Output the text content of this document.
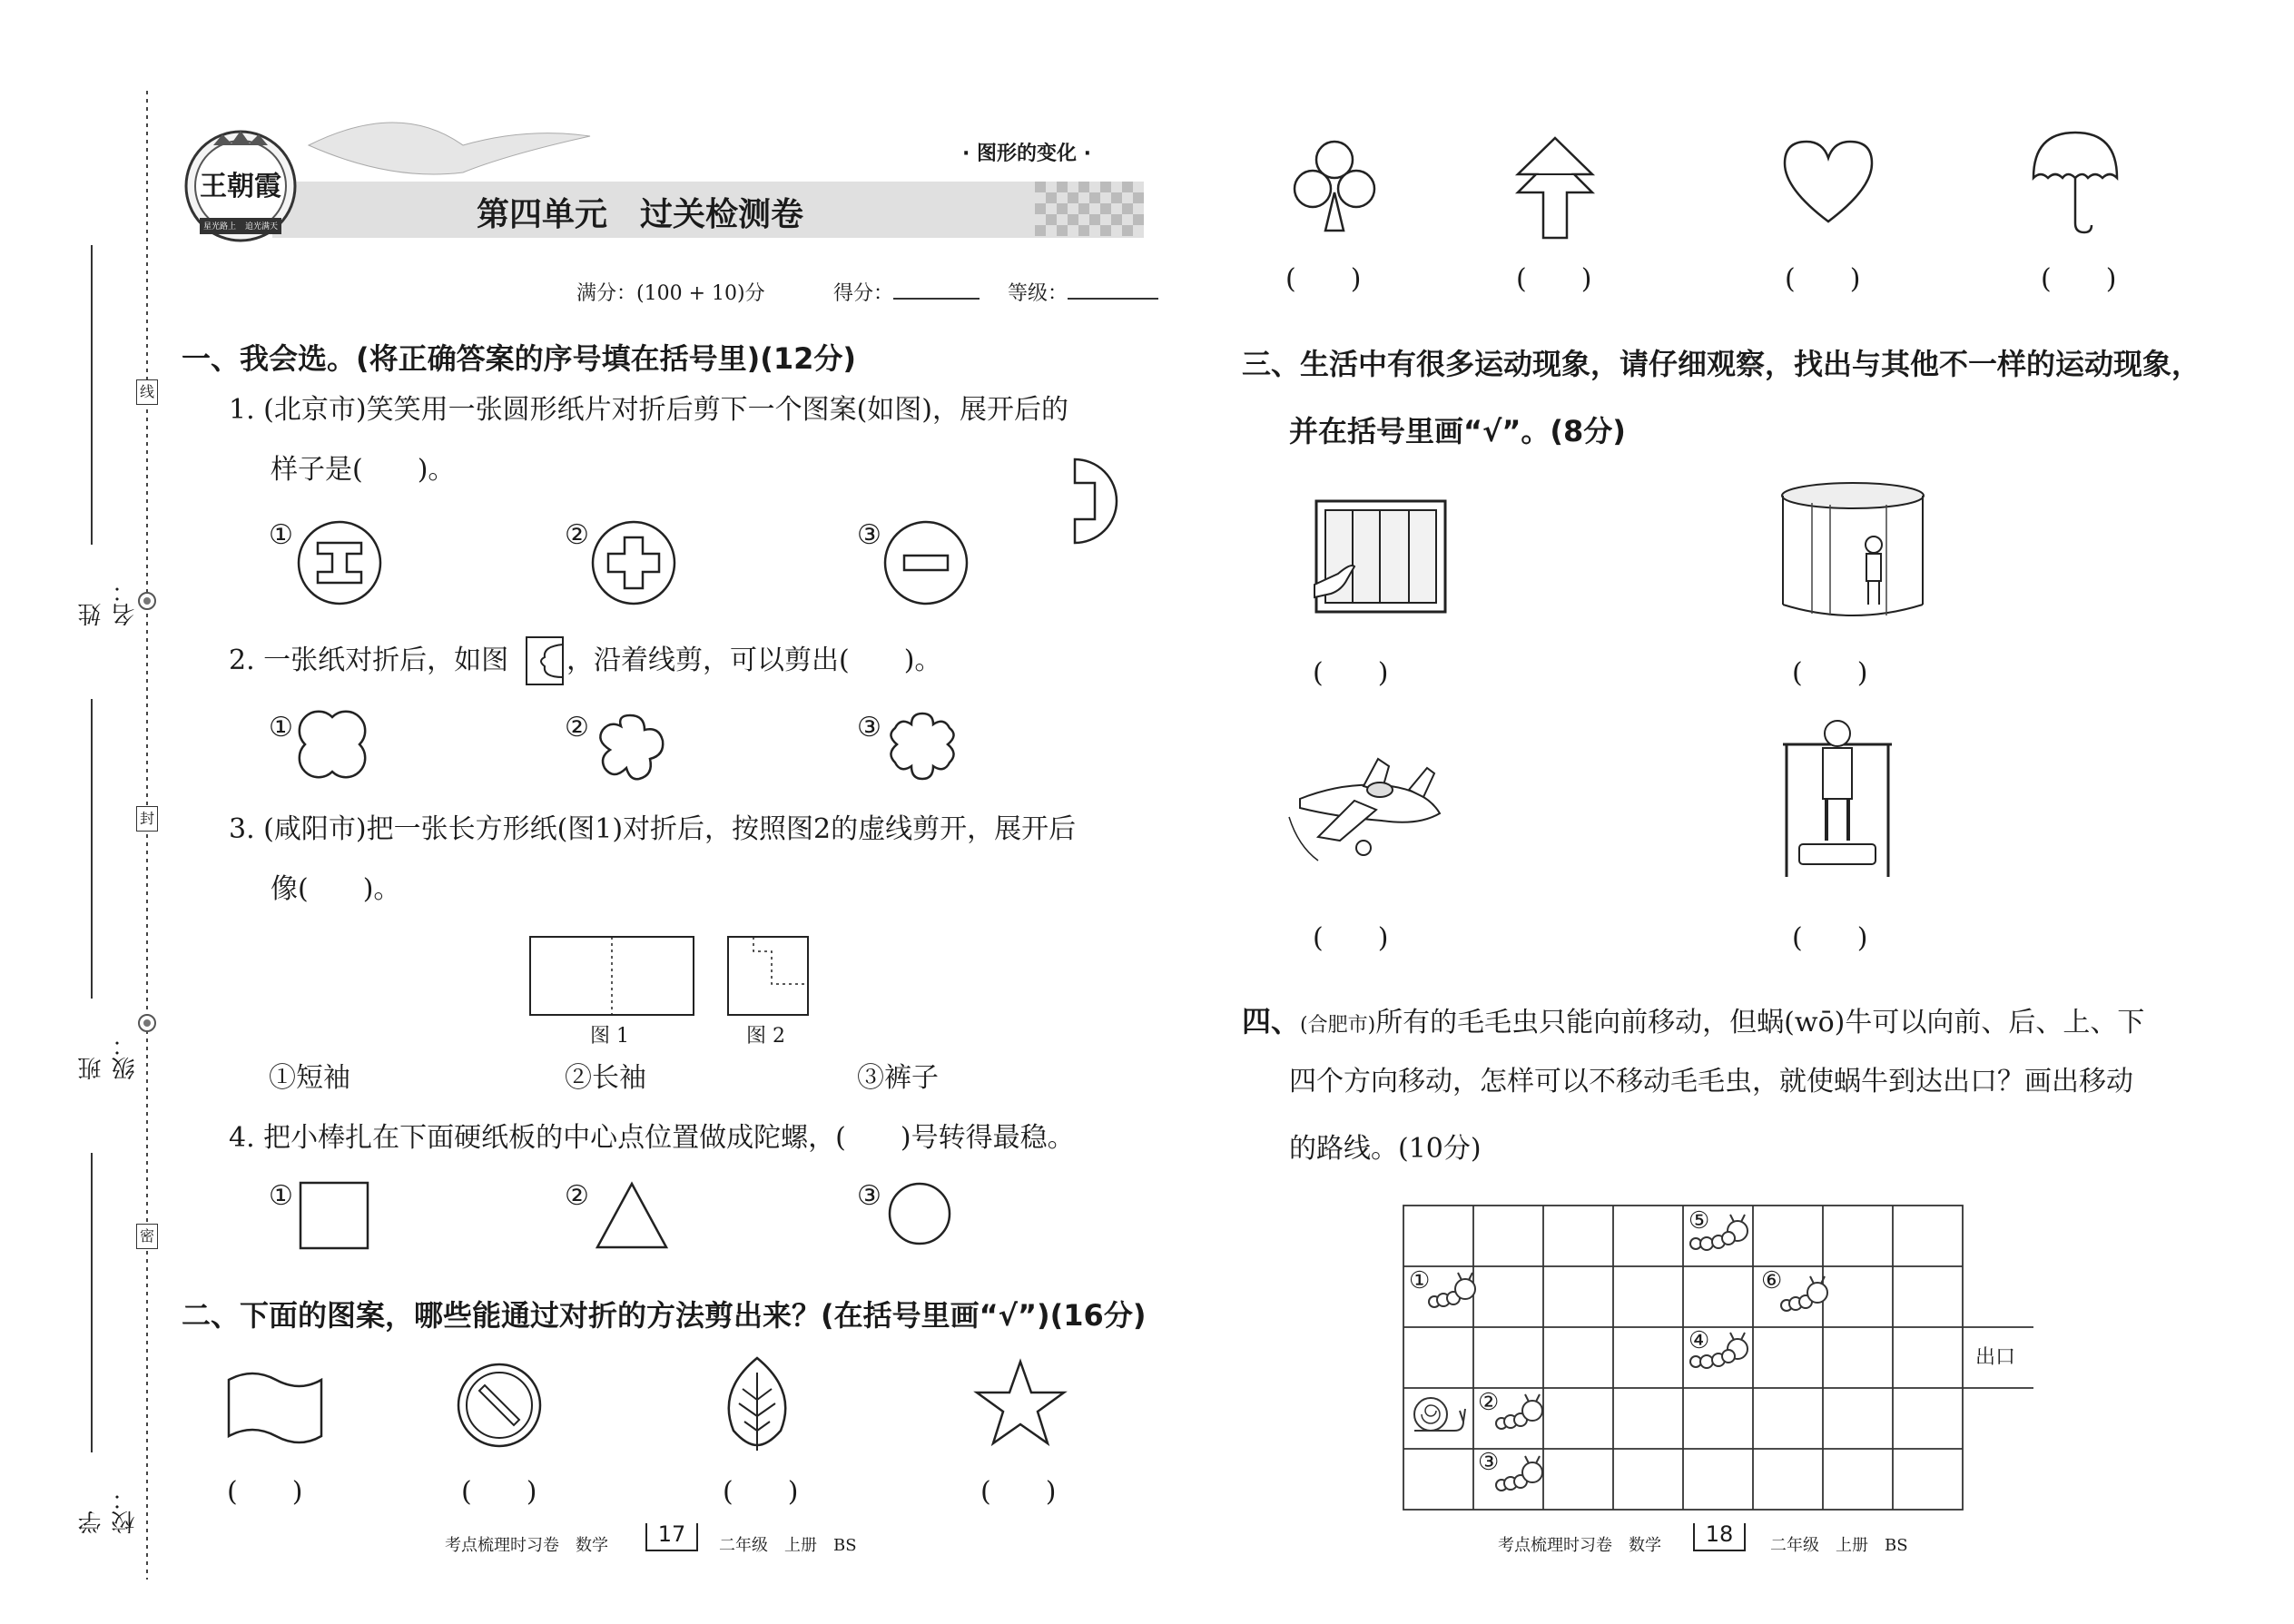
姓名：
班级：
学校：
线
封
密
王朝霞
星光路上 追光满天
· 图形的变化 ·
第四单元　过关检测卷
满分：(100 + 10)分	得分：	等级：
一、我会选。(将正确答案的序号填在括号里)(12分)
1. (北京市)笑笑用一张圆形纸片对折后剪下一个图案(如图)，展开后的
样子是(　　)。
①	②	③
2. 一张纸对折后，如图 ，沿着线剪，可以剪出(　　)。
①	②	③
3. (咸阳市)把一张长方形纸(图1)对折后，按照图2的虚线剪开，展开后
像(　　)。
图 1	图 2
①短袖	②长袖	③裤子
4. 把小棒扎在下面硬纸板的中心点位置做成陀螺，(　　)号转得最稳。
①	②	③
二、下面的图案，哪些能通过对折的方法剪出来？(在括号里画“√”)(16分)
(　　)	(　　)	(　　)	(　　)
考点梳理时习卷　数学	17	二年级　上册　BS
(　　)	(　　)	(　　)	(　　)
三、生活中有很多运动现象，请仔细观察，找出与其他不一样的运动现象，
并在括号里画“√”。(8分)
(　　)	(　　)
(　　)	(　　)
四、(合肥市)所有的毛毛虫只能向前移动，但蜗(wō)牛可以向前、后、上、下
四个方向移动，怎样可以不移动毛毛虫，就使蜗牛到达出口？画出移动
的路线。(10分)
出口
①
②
③
④
⑤
⑥
考点梳理时习卷　数学	18	二年级　上册　BS
